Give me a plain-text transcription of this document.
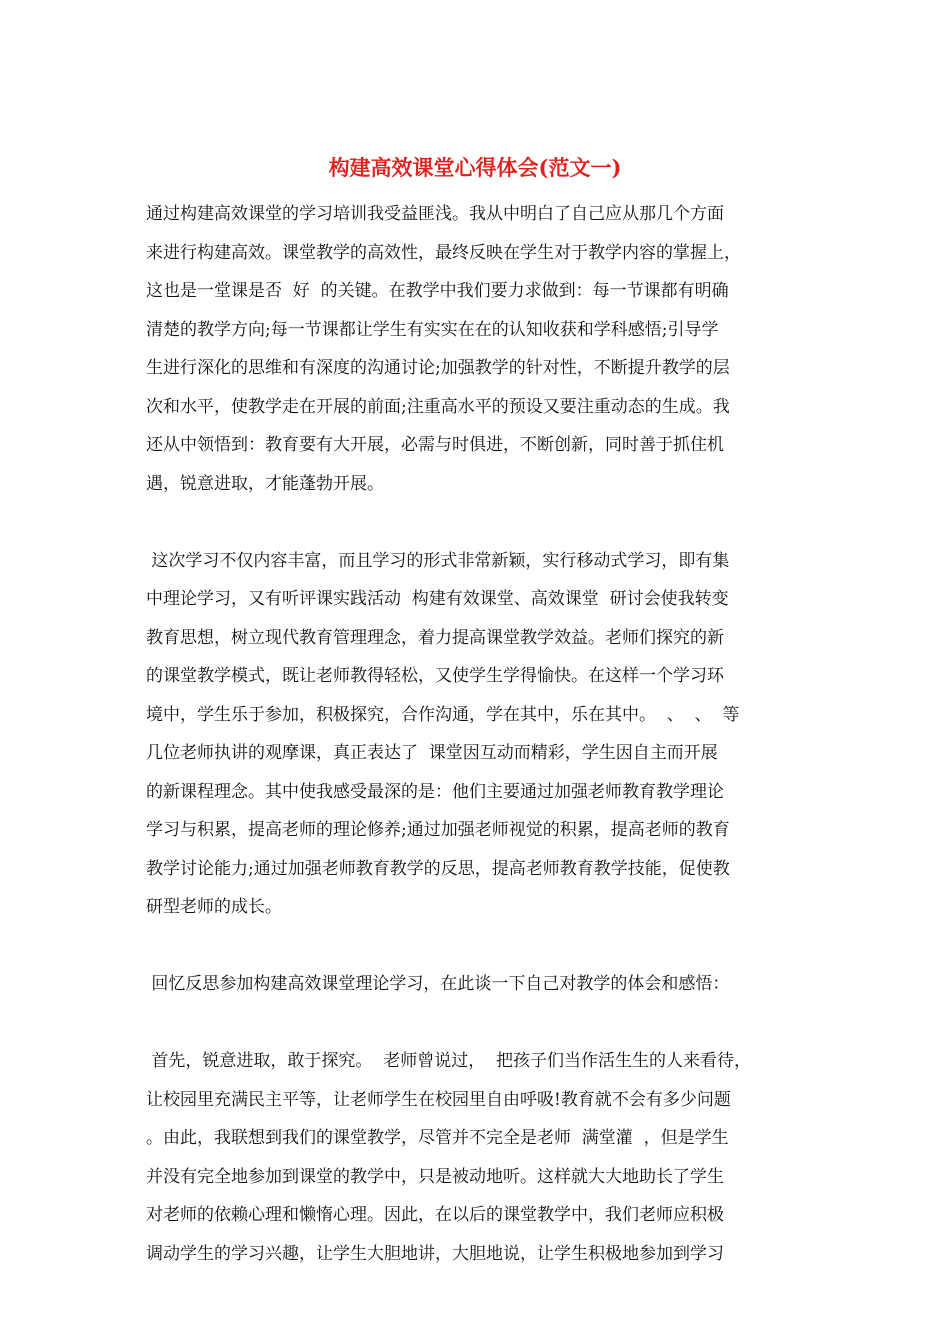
构建高效课堂心得体会(范文一)
通过构建高效课堂的学习培训我受益匪浅。我从中明白了自己应从那几个方面
来进行构建高效。课堂教学的高效性，最终反映在学生对于教学内容的掌握上，
这也是一堂课是否  好  的关键。在教学中我们要力求做到：每一节课都有明确
清楚的教学方向;每一节课都让学生有实实在在的认知收获和学科感悟;引导学
生进行深化的思维和有深度的沟通讨论;加强教学的针对性，不断提升教学的层
次和水平，使教学走在开展的前面;注重高水平的预设又要注重动态的生成。我
还从中领悟到：教育要有大开展，必需与时俱进，不断创新，同时善于抓住机
遇，锐意进取，才能蓬勃开展。
这次学习不仅内容丰富，而且学习的形式非常新颖，实行移动式学习，即有集
中理论学习，又有听评课实践活动  构建有效课堂、高效课堂  研讨会使我转变
教育思想，树立现代教育管理理念，着力提高课堂教学效益。老师们探究的新
的课堂教学模式，既让老师教得轻松，又使学生学得愉快。在这样一个学习环
境中，学生乐于参加，积极探究，合作沟通，学在其中，乐在其中。  、  、  等
几位老师执讲的观摩课，真正表达了  课堂因互动而精彩，学生因自主而开展
的新课程理念。其中使我感受最深的是：他们主要通过加强老师教育教学理论
学习与积累，提高老师的理论修养;通过加强老师视觉的积累，提高老师的教育
教学讨论能力;通过加强老师教育教学的反思，提高老师教育教学技能，促使教
研型老师的成长。
回忆反思参加构建高效课堂理论学习，在此谈一下自己对教学的体会和感悟：
首先，锐意进取，敢于探究。  老师曾说过，  把孩子们当作活生生的人来看待，
让校园里充满民主平等，让老师学生在校园里自由呼吸!教育就不会有多少问题
。由此，我联想到我们的课堂教学，尽管并不完全是老师  满堂灌  ，但是学生
并没有完全地参加到课堂的教学中，只是被动地听。这样就大大地助长了学生
对老师的依赖心理和懒惰心理。因此，在以后的课堂教学中，我们老师应积极
调动学生的学习兴趣，让学生大胆地讲，大胆地说，让学生积极地参加到学习
